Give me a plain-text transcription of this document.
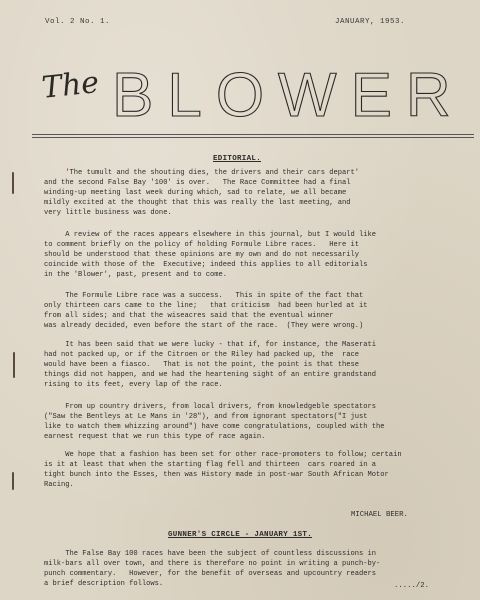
Vol. 2 No. 1.	JANUARY, 1953.
The BLOWER
EDITORIAL.

'The tumult and the shouting dies, the drivers and their cars depart'
and the second False Bay '100' is over.   The Race Committee had a final
winding-up meeting last week during which, sad to relate, we all became
mildly excited at the thought that this was really the last meeting, and
very little business was done.

A review of the races appears elsewhere in this journal, but I would like
to comment briefly on the policy of holding Formule Libre races.   Here it
should be understood that these opinions are my own and do not necessarily
coincide with those of the  Executive; indeed this applies to all editorials
in the 'Blower', past, present and to come.

The Formule Libre race was a success.   This in spite of the fact that
only thirteen cars came to the line;   that criticism  had been hurled at it
from all sides; and that the wiseacres said that the eventual winner
was already decided, even before the start of the race.  (They were wrong.)

It has been said that we were lucky - that if, for instance, the Maserati
had not packed up, or if the Citroen or the Riley had packed up, the  race
would have been a fiasco.   That is not the point, the point is that these
things did not happen, and we had the heartening sight of an entire grandstand
rising to its feet, every lap of the race.

From up country drivers, from local drivers, from knowledgeble spectators
("Saw the Bentleys at Le Mans in '28"), and from ignorant spectators("I just
like to watch them whizzing around") have come congratulations, coupled with the
earnest request that we run this type of race again.

We hope that a fashion has been set for other race-promoters to follow; certain
is it at least that when the starting flag fell and thirteen  cars roared in a
tight bunch into the Esses, then was History made in post-war South African Motor
Racing.

MICHAEL BEER.
GUNNER'S CIRCLE - JANUARY 1ST.

The False Bay 100 races have been the subject of countless discussions in
milk-bars all over town, and there is therefore no point in writing a punch-by-
punch commentary.   However, for the benefit of overseas and upcountry readers
a brief description follows.	...../2.
